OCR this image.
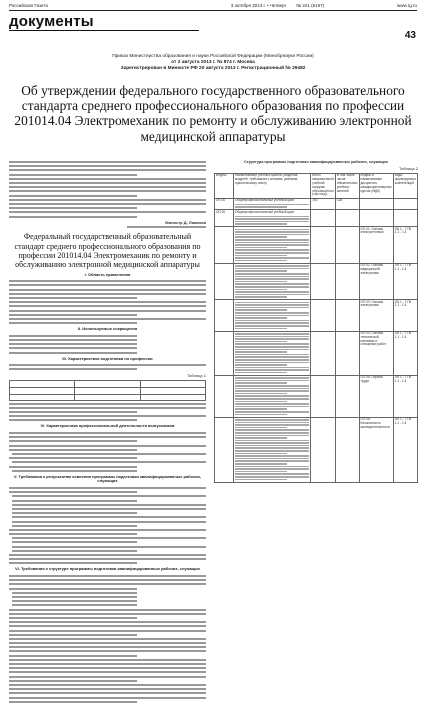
Российская Газета	3 октября 2013 г. • Четверг № 221 (6197)	www.rg.ru
документы
43
Приказ Министерства образования и науки Российской Федерации (Минобрнауки России)
от 2 августа 2013 г. № 874 г. Москва
Зарегистрирован в Минюсте РФ 20 августа 2013 г. Регистрационный № 29482
Об утверждении федерального государственного образовательного стандарта среднего профессионального образования по профессии 201014.04 Электромеханик по ремонту и обслуживанию электронной медицинской аппаратуры
Министр Д. Ливанов
Федеральный государственный образовательный стандарт среднего профессионального образования по профессии 201014.04 Электромеханик по ремонту и обслуживанию электронной медицинской аппаратуры
I. Область применения
II. Используемые сокращения
III. Характеристика подготовки по профессии
Таблица 1

IV. Характеристика профессиональной деятельности выпускников
V. Требования к результатам освоения программы подготовки квалифицированных рабочих, служащих
VI. Требования к структуре программы подготовки квалифицированных рабочих, служащих
Структура программы подготовки квалифицированных рабочих, служащих
Таблица 2
Индекс	Наименование учебных циклов, разделов, модулей, требования к знаниям, умениям, практическому опыту	Всего максимальной учебной нагрузки обучающегося (час./нед.)	В том числе часов обязательных учебных занятий	Индекс и наименование дисциплин, междисциплинарных курсов (МДК)	Коды формируемых компетенций
ОП.00	Общепрофессиональный учебный цикл	192	128		
ОП.00	Общепрофессиональный учебный цикл				

			ОП.01. Основы электротехники	ОК 1 - 7 ПК 1.1 - 1.4

			ОП.02. Основы медицинской электроники	ОК 1 - 7 ПК 1.1 - 1.4

			ОП.03. Основы электроники	ОК 1 - 7 ПК 1.1 - 1.4

			ОП.04. Основы технической механики и слесарных работ	ОК 1 - 7 ПК 1.1 - 1.4

			ОП.05. Охрана труда	ОК 1 - 7 ПК 1.1 - 1.4

			ОП.06. Безопасность жизнедеятельности	ОК 1 - 7 ПК 1.1 - 1.4
